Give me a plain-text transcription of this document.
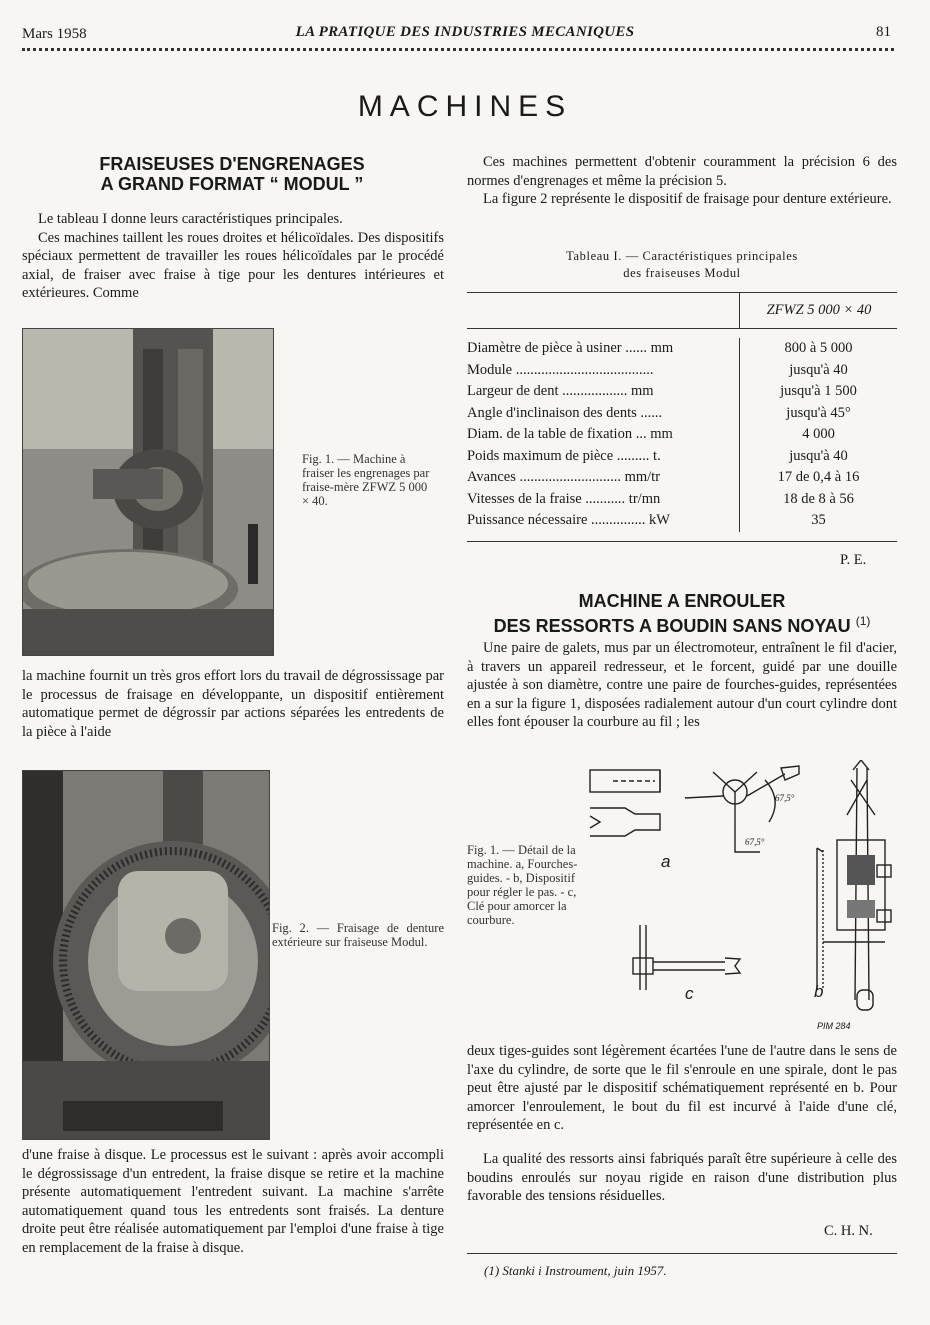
Mars 1958	LA PRATIQUE DES INDUSTRIES MECANIQUES	81
MACHINES
FRAISEUSES D'ENGRENAGES
A GRAND FORMAT “ MODUL ”
Le tableau I donne leurs caractéristiques principales.
Ces machines taillent les roues droites et hélicoïdales. Des dispositifs spéciaux permettent de travailler les roues hélicoïdales par le procédé axial, de fraiser avec fraise à tige pour les dentures intérieures et extérieures. Comme
Fig. 1. — Machine à fraiser les engrenages par fraise-mère ZFWZ 5 000 × 40.
la machine fournit un très gros effort lors du travail de dégrossissage par le processus de fraisage en développante, un dispositif entièrement automatique permet de dégrossir par actions séparées les entredents de la pièce à l'aide
Fig. 2. — Fraisage de denture extérieure sur fraiseuse Modul.
d'une fraise à disque. Le processus est le suivant : après avoir accompli le dégrossissage d'un entredent, la fraise disque se retire et la machine présente automatiquement l'entredent suivant. La machine s'arrête automatiquement quand tous les entredents sont fraisés. La denture droite peut être réalisée automatiquement par l'emploi d'une fraise à tige en remplacement de la fraise à disque.
Ces machines permettent d'obtenir couramment la précision 6 des normes d'engrenages et même la précision 5.
La figure 2 représente le dispositif de fraisage pour denture extérieure.
Tableau I. — Caractéristiques principales
des fraiseuses Modul
ZFWZ 5 000 × 40
Diamètre de pièce à usiner ...... mm	800 à 5 000
Module ......................................	jusqu'à 40
Largeur de dent .................. mm	jusqu'à 1 500
Angle d'inclinaison des dents ......	jusqu'à 45°
Diam. de la table de fixation ... mm	4 000
Poids maximum de pièce ......... t.	jusqu'à 40
Avances ............................ mm/tr	17 de 0,4 à 16
Vitesses de la fraise ........... tr/mn	18 de 8 à 56
Puissance nécessaire ............... kW	35
P. E.
MACHINE A ENROULER
DES RESSORTS A BOUDIN SANS NOYAU $^{(1)}$
Une paire de galets, mus par un électromoteur, entraînent le fil d'acier, à travers un appareil redresseur, et le forcent, guidé par une douille ajustée à son diamètre, contre une paire de fourches-guides, représentées en a sur la figure 1, disposées radialement autour d'un court cylindre dont elles font épouser la courbure au fil ; les
Fig. 1. — Détail de la machine. a, Fourches-guides. - b, Dispositif pour régler le pas. - c, Clé pour amorcer la courbure.
a
c	b
67,5°
67,5°
PIM 284
deux tiges-guides sont légèrement écartées l'une de l'autre dans le sens de l'axe du cylindre, de sorte que le fil s'enroule en une spirale, dont le pas peut être ajusté par le dispositif schématiquement représenté en b. Pour amorcer l'enroulement, le bout du fil est incurvé à l'aide d'une clé, représentée en c.
La qualité des ressorts ainsi fabriqués paraît être supérieure à celle des boudins enroulés sur noyau rigide en raison d'une distribution plus favorable des tensions résiduelles.
C. H. N.
(1) Stanki i Instroument, juin 1957.
